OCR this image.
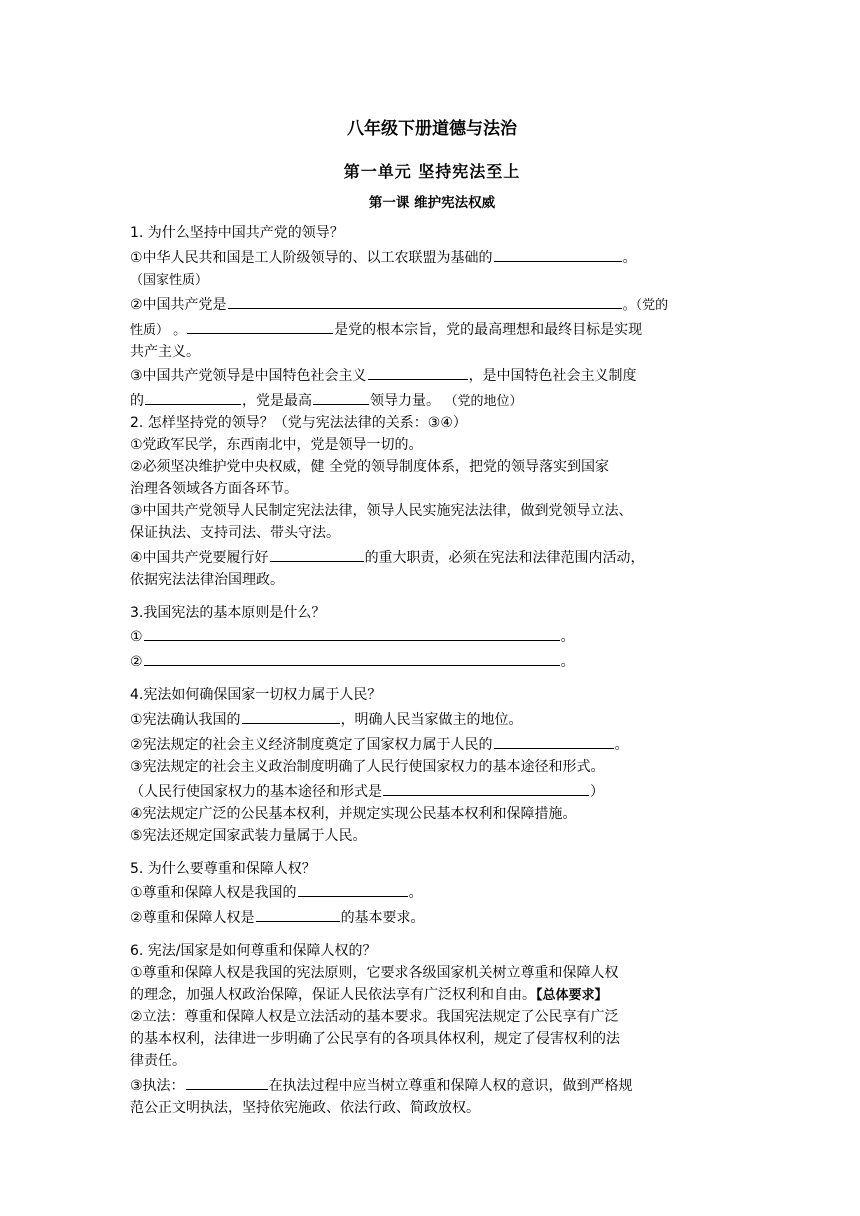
八年级下册道德与法治
第一单元 坚持宪法至上
第一课 维护宪法权威
1. 为什么坚持中国共产党的领导？
①中华人民共和国是工人阶级领导的、以工农联盟为基础的	。
（国家性质）
②中国共产党是	。（党的
性质） 。	是党的根本宗旨，党的最高理想和最终目标是实现
共产主义。
③中国共产党领导是中国特色社会主义	，是中国特色社会主义制度
的	，党是最高	领导力量。 （党的地位）
2. 怎样坚持党的领导？（党与宪法法律的关系：③④）
①党政军民学，东西南北中，党是领导一切的。
②必须坚决维护党中央权威，健 全党的领导制度体系，把党的领导落实到国家
治理各领域各方面各环节。
③中国共产党领导人民制定宪法法律，领导人民实施宪法法律，做到党领导立法、
保证执法、支持司法、带头守法。
④中国共产党要履行好	的重大职责，必须在宪法和法律范围内活动，
依据宪法法律治国理政。
3.我国宪法的基本原则是什么？
①	。
②	。
4.宪法如何确保国家一切权力属于人民？
①宪法确认我国的	，明确人民当家做主的地位。
②宪法规定的社会主义经济制度奠定了国家权力属于人民的	。
③宪法规定的社会主义政治制度明确了人民行使国家权力的基本途径和形式。
（人民行使国家权力的基本途径和形式是	）
④宪法规定广泛的公民基本权利，并规定实现公民基本权利和保障措施。
⑤宪法还规定国家武装力量属于人民。
5. 为什么要尊重和保障人权？
①尊重和保障人权是我国的	。
②尊重和保障人权是	的基本要求。
6. 宪法/国家是如何尊重和保障人权的？
①尊重和保障人权是我国的宪法原则，它要求各级国家机关树立尊重和保障人权
的理念，加强人权政治保障，保证人民依法享有广泛权利和自由。【总体要求】
②立法：尊重和保障人权是立法活动的基本要求。我国宪法规定了公民享有广泛
的基本权利，法律进一步明确了公民享有的各项具体权利，规定了侵害权利的法
律责任。
③执法：	在执法过程中应当树立尊重和保障人权的意识，做到严格规
范公正文明执法，坚持依宪施政、依法行政、简政放权。
